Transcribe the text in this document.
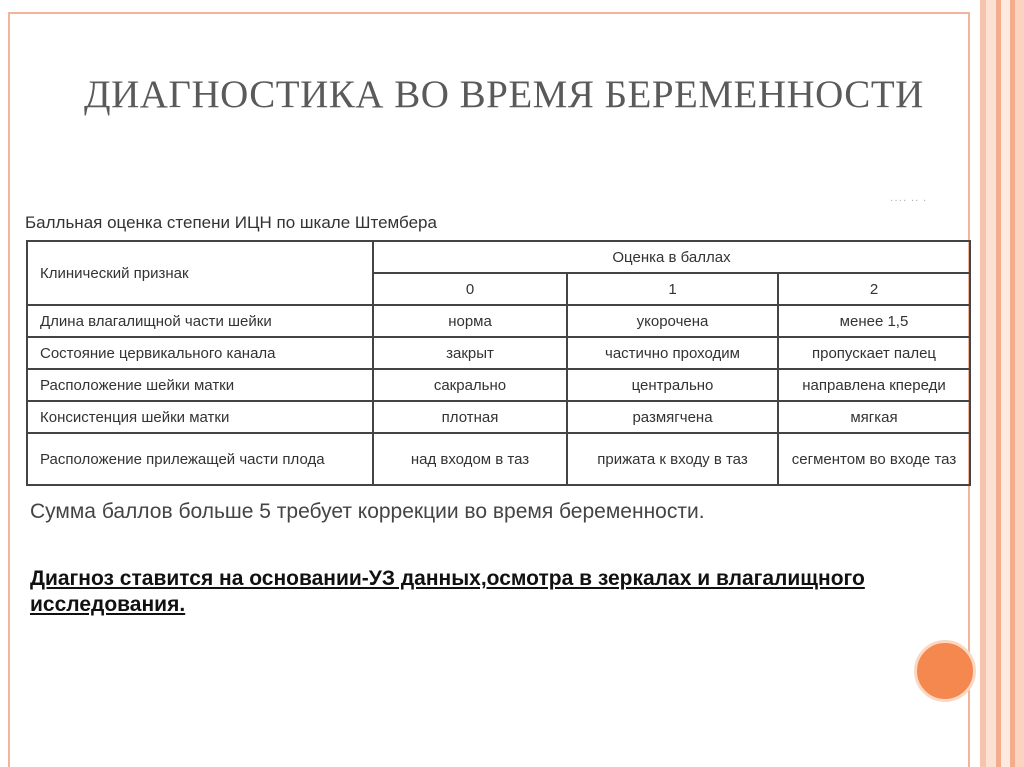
ДИАГНОСТИКА ВО ВРЕМЯ БЕРЕМЕННОСТИ
···· ·· ·
Балльная оценка степени ИЦН по шкале Штембера
Клинический признак	Оценка в баллах		
	0	1	2
Длина влагалищной части шейки	норма	укорочена	менее 1,5
Состояние цервикального канала	закрыт	частично проходим	пропускает палец
Расположение шейки матки	сакрально	центрально	направлена кпереди
Консистенция шейки матки	плотная	размягчена	мягкая
Расположение прилежащей части плода	над входом в таз	прижата к входу в таз	сегментом во входе таз
Сумма баллов больше 5 требует коррекции во время беременности.

Диагноз ставится на основании-УЗ данных,осмотра в зеркалах и влагалищного исследования.
